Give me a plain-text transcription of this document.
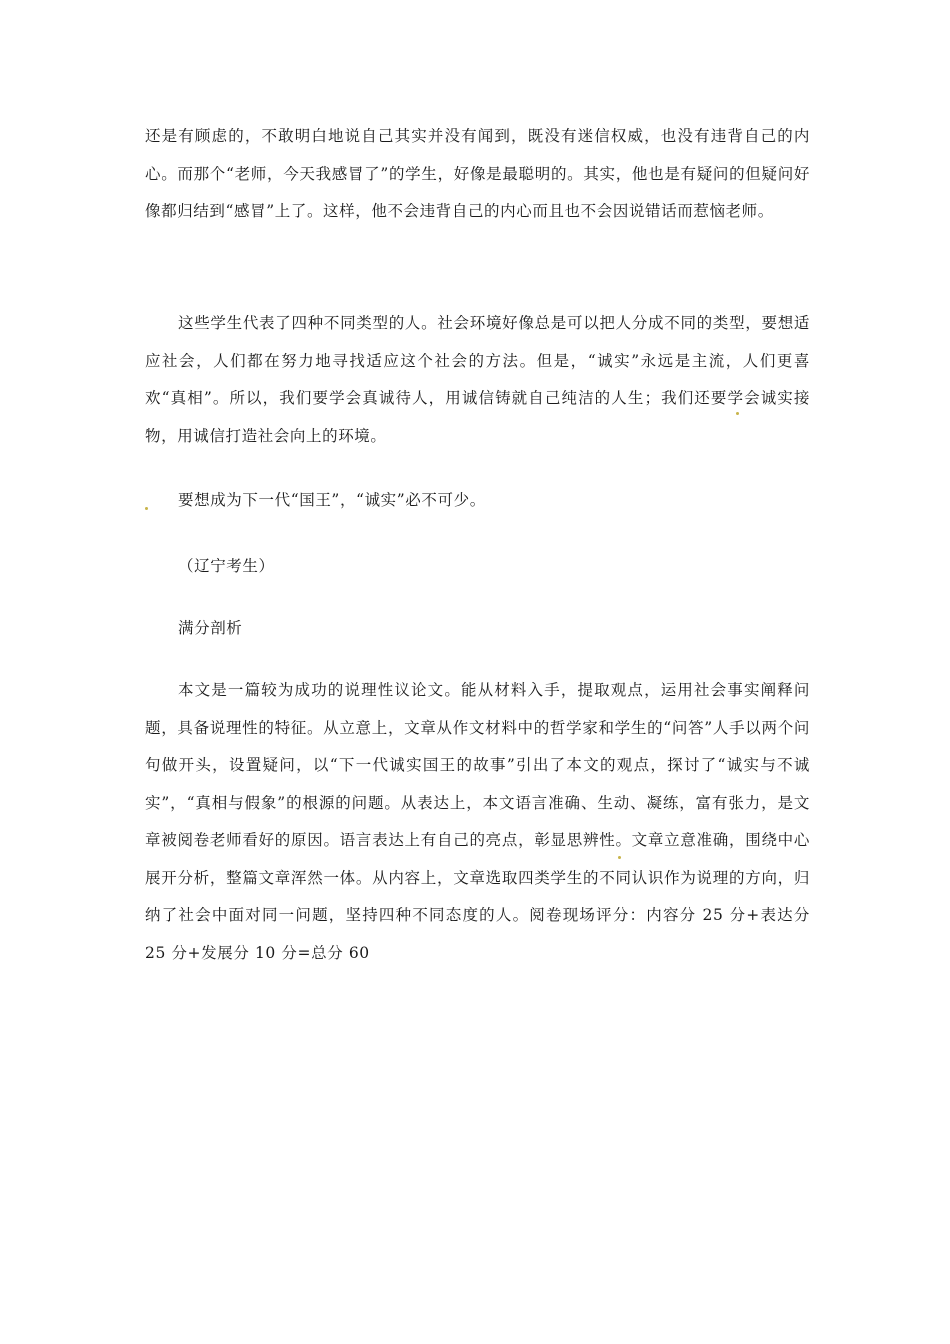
还是有顾虑的，不敢明白地说自己其实并没有闻到，既没有迷信权威，也没有违背自己的内心。而那个“老师，今天我感冒了”的学生，好像是最聪明的。其实，他也是有疑问的但疑问好像都归结到“感冒”上了。这样，他不会违背自己的内心而且也不会因说错话而惹恼老师。

这些学生代表了四种不同类型的人。社会环境好像总是可以把人分成不同的类型，要想适应社会，人们都在努力地寻找适应这个社会的方法。但是，“诚实”永远是主流，人们更喜欢“真相”。所以，我们要学会真诚待人，用诚信铸就自己纯洁的人生；我们还要学会诚实接物，用诚信打造社会向上的环境。

要想成为下一代“国王”，“诚实”必不可少。

（辽宁考生）

满分剖析

本文是一篇较为成功的说理性议论文。能从材料入手，提取观点，运用社会事实阐释问题，具备说理性的特征。从立意上，文章从作文材料中的哲学家和学生的“问答”人手以两个问句做开头，设置疑问，以“下一代诚实国王的故事”引出了本文的观点，探讨了“诚实与不诚实”，“真相与假象”的根源的问题。从表达上，本文语言准确、生动、凝练，富有张力，是文章被阅卷老师看好的原因。语言表达上有自己的亮点，彰显思辨性。文章立意准确，围绕中心展开分析，整篇文章浑然一体。从内容上，文章选取四类学生的不同认识作为说理的方向，归纳了社会中面对同一问题，坚持四种不同态度的人。阅卷现场评分：内容分 25 分+表达分 25 分+发展分 10 分=总分 60
